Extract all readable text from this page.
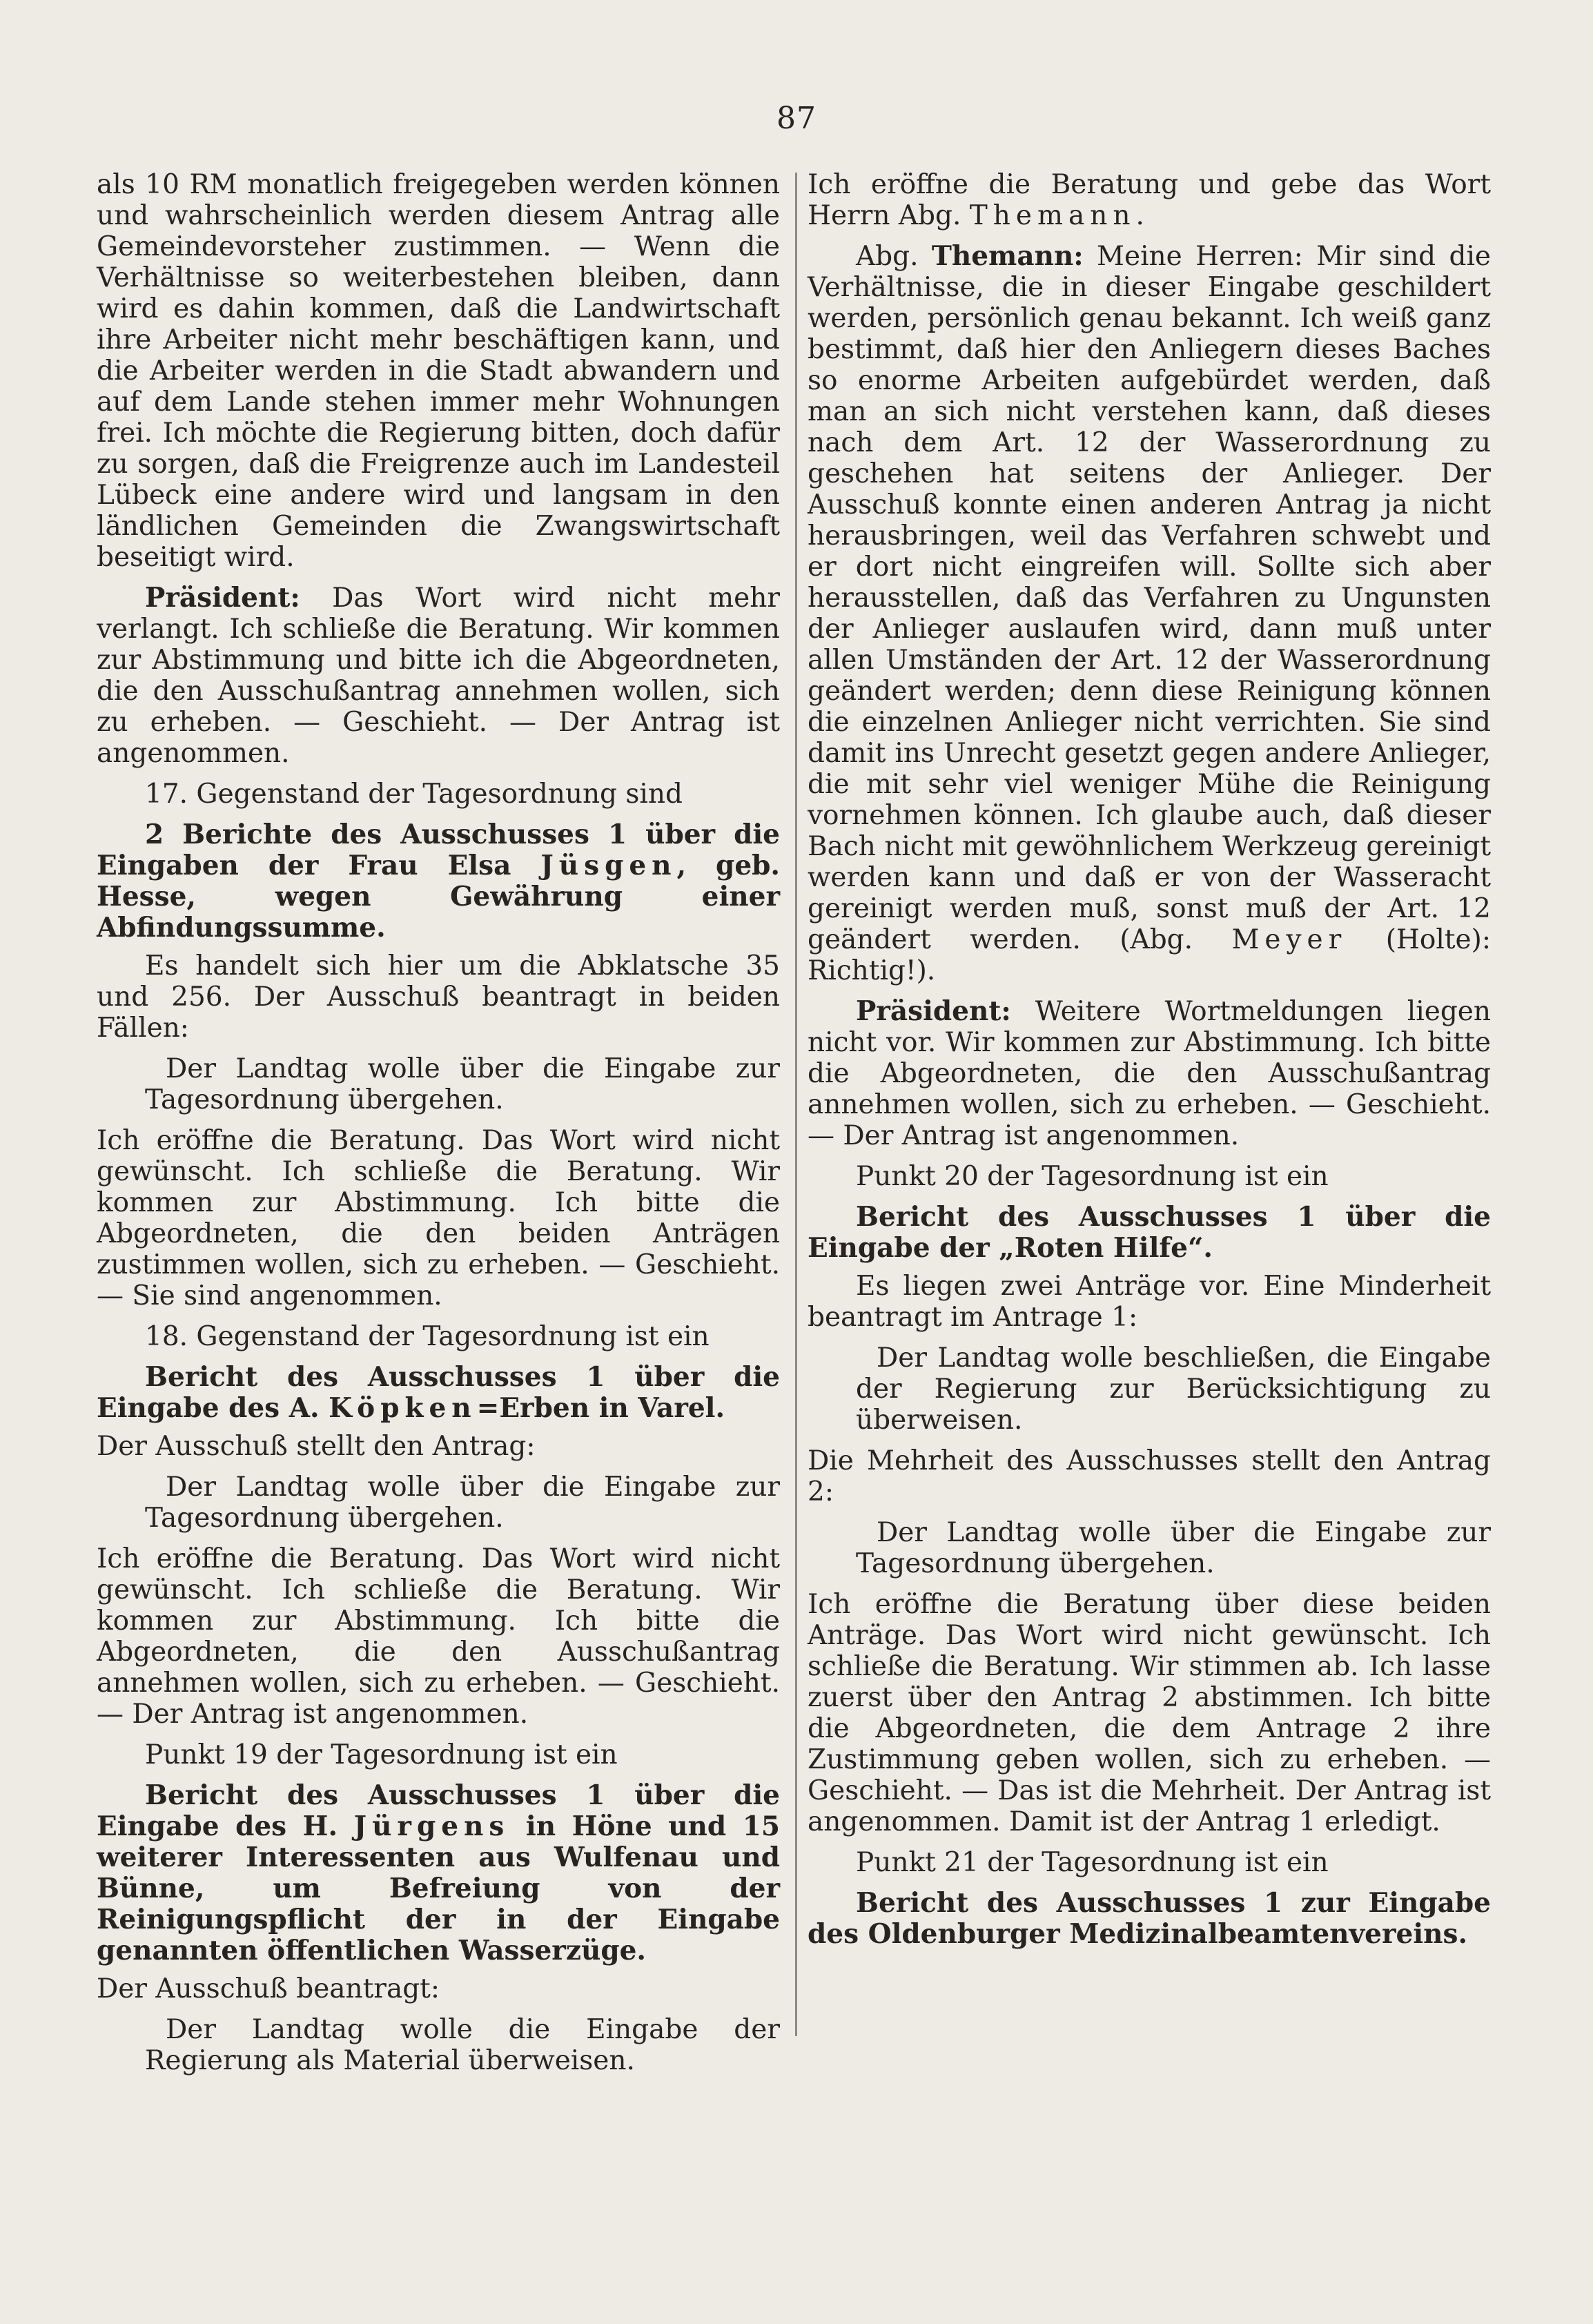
87

als 10 RM monatlich freigegeben werden können und wahrscheinlich werden diesem Antrag alle Gemeindevorsteher zustimmen. — Wenn die Verhältnisse so weiterbestehen bleiben, dann wird es dahin kommen, daß die Landwirtschaft ihre Arbeiter nicht mehr beschäftigen kann, und die Arbeiter werden in die Stadt abwandern und auf dem Lande stehen immer mehr Wohnungen frei. Ich möchte die Regierung bitten, doch dafür zu sorgen, daß die Freigrenze auch im Landesteil Lübeck eine andere wird und langsam in den ländlichen Gemeinden die Zwangswirtschaft beseitigt wird.

Präsident: Das Wort wird nicht mehr verlangt. Ich schließe die Beratung. Wir kommen zur Abstimmung und bitte ich die Abgeordneten, die den Ausschußantrag annehmen wollen, sich zu erheben. — Geschieht. — Der Antrag ist angenommen.

17. Gegenstand der Tagesordnung sind

2 Berichte des Ausschusses 1 über die Eingaben der Frau Elsa Jüsgen, geb. Hesse, wegen Gewährung einer Abfindungssumme.

Es handelt sich hier um die Abklatsche 35 und 256. Der Ausschuß beantragt in beiden Fällen:

Der Landtag wolle über die Eingabe zur Tagesordnung übergehen.

Ich eröffne die Beratung. Das Wort wird nicht gewünscht. Ich schließe die Beratung. Wir kommen zur Abstimmung. Ich bitte die Abgeordneten, die den beiden Anträgen zustimmen wollen, sich zu erheben. — Geschieht. — Sie sind angenommen.

18. Gegenstand der Tagesordnung ist ein

Bericht des Ausschusses 1 über die Eingabe des A. Köpken=Erben in Varel.

Der Ausschuß stellt den Antrag:

Der Landtag wolle über die Eingabe zur Tagesordnung übergehen.

Ich eröffne die Beratung. Das Wort wird nicht gewünscht. Ich schließe die Beratung. Wir kommen zur Abstimmung. Ich bitte die Abgeordneten, die den Ausschußantrag annehmen wollen, sich zu erheben. — Geschieht. — Der Antrag ist angenommen.

Punkt 19 der Tagesordnung ist ein

Bericht des Ausschusses 1 über die Eingabe des H. Jürgens in Höne und 15 weiterer Interessenten aus Wulfenau und Bünne, um Befreiung von der Reinigungspflicht der in der Eingabe genannten öffentlichen Wasserzüge.

Der Ausschuß beantragt:

Der Landtag wolle die Eingabe der Regierung als Material überweisen.

Ich eröffne die Beratung und gebe das Wort Herrn Abg. Themann.

Abg. Themann: Meine Herren: Mir sind die Verhältnisse, die in dieser Eingabe geschildert werden, persönlich genau bekannt. Ich weiß ganz bestimmt, daß hier den Anliegern dieses Baches so enorme Arbeiten aufgebürdet werden, daß man an sich nicht verstehen kann, daß dieses nach dem Art. 12 der Wasserordnung zu geschehen hat seitens der Anlieger. Der Ausschuß konnte einen anderen Antrag ja nicht herausbringen, weil das Verfahren schwebt und er dort nicht eingreifen will. Sollte sich aber herausstellen, daß das Verfahren zu Ungunsten der Anlieger auslaufen wird, dann muß unter allen Umständen der Art. 12 der Wasserordnung geändert werden; denn diese Reinigung können die einzelnen Anlieger nicht verrichten. Sie sind damit ins Unrecht gesetzt gegen andere Anlieger, die mit sehr viel weniger Mühe die Reinigung vornehmen können. Ich glaube auch, daß dieser Bach nicht mit gewöhnlichem Werkzeug gereinigt werden kann und daß er von der Wasseracht gereinigt werden muß, sonst muß der Art. 12 geändert werden. (Abg. Meyer (Holte): Richtig!).

Präsident: Weitere Wortmeldungen liegen nicht vor. Wir kommen zur Abstimmung. Ich bitte die Abgeordneten, die den Ausschußantrag annehmen wollen, sich zu erheben. — Geschieht. — Der Antrag ist angenommen.

Punkt 20 der Tagesordnung ist ein

Bericht des Ausschusses 1 über die Eingabe der „Roten Hilfe“.

Es liegen zwei Anträge vor. Eine Minderheit beantragt im Antrage 1:

Der Landtag wolle beschließen, die Eingabe der Regierung zur Berücksichtigung zu überweisen.

Die Mehrheit des Ausschusses stellt den Antrag 2:

Der Landtag wolle über die Eingabe zur Tagesordnung übergehen.

Ich eröffne die Beratung über diese beiden Anträge. Das Wort wird nicht gewünscht. Ich schließe die Beratung. Wir stimmen ab. Ich lasse zuerst über den Antrag 2 abstimmen. Ich bitte die Abgeordneten, die dem Antrage 2 ihre Zustimmung geben wollen, sich zu erheben. — Geschieht. — Das ist die Mehrheit. Der Antrag ist angenommen. Damit ist der Antrag 1 erledigt.

Punkt 21 der Tagesordnung ist ein

Bericht des Ausschusses 1 zur Eingabe des Oldenburger Medizinalbeamtenvereins.
